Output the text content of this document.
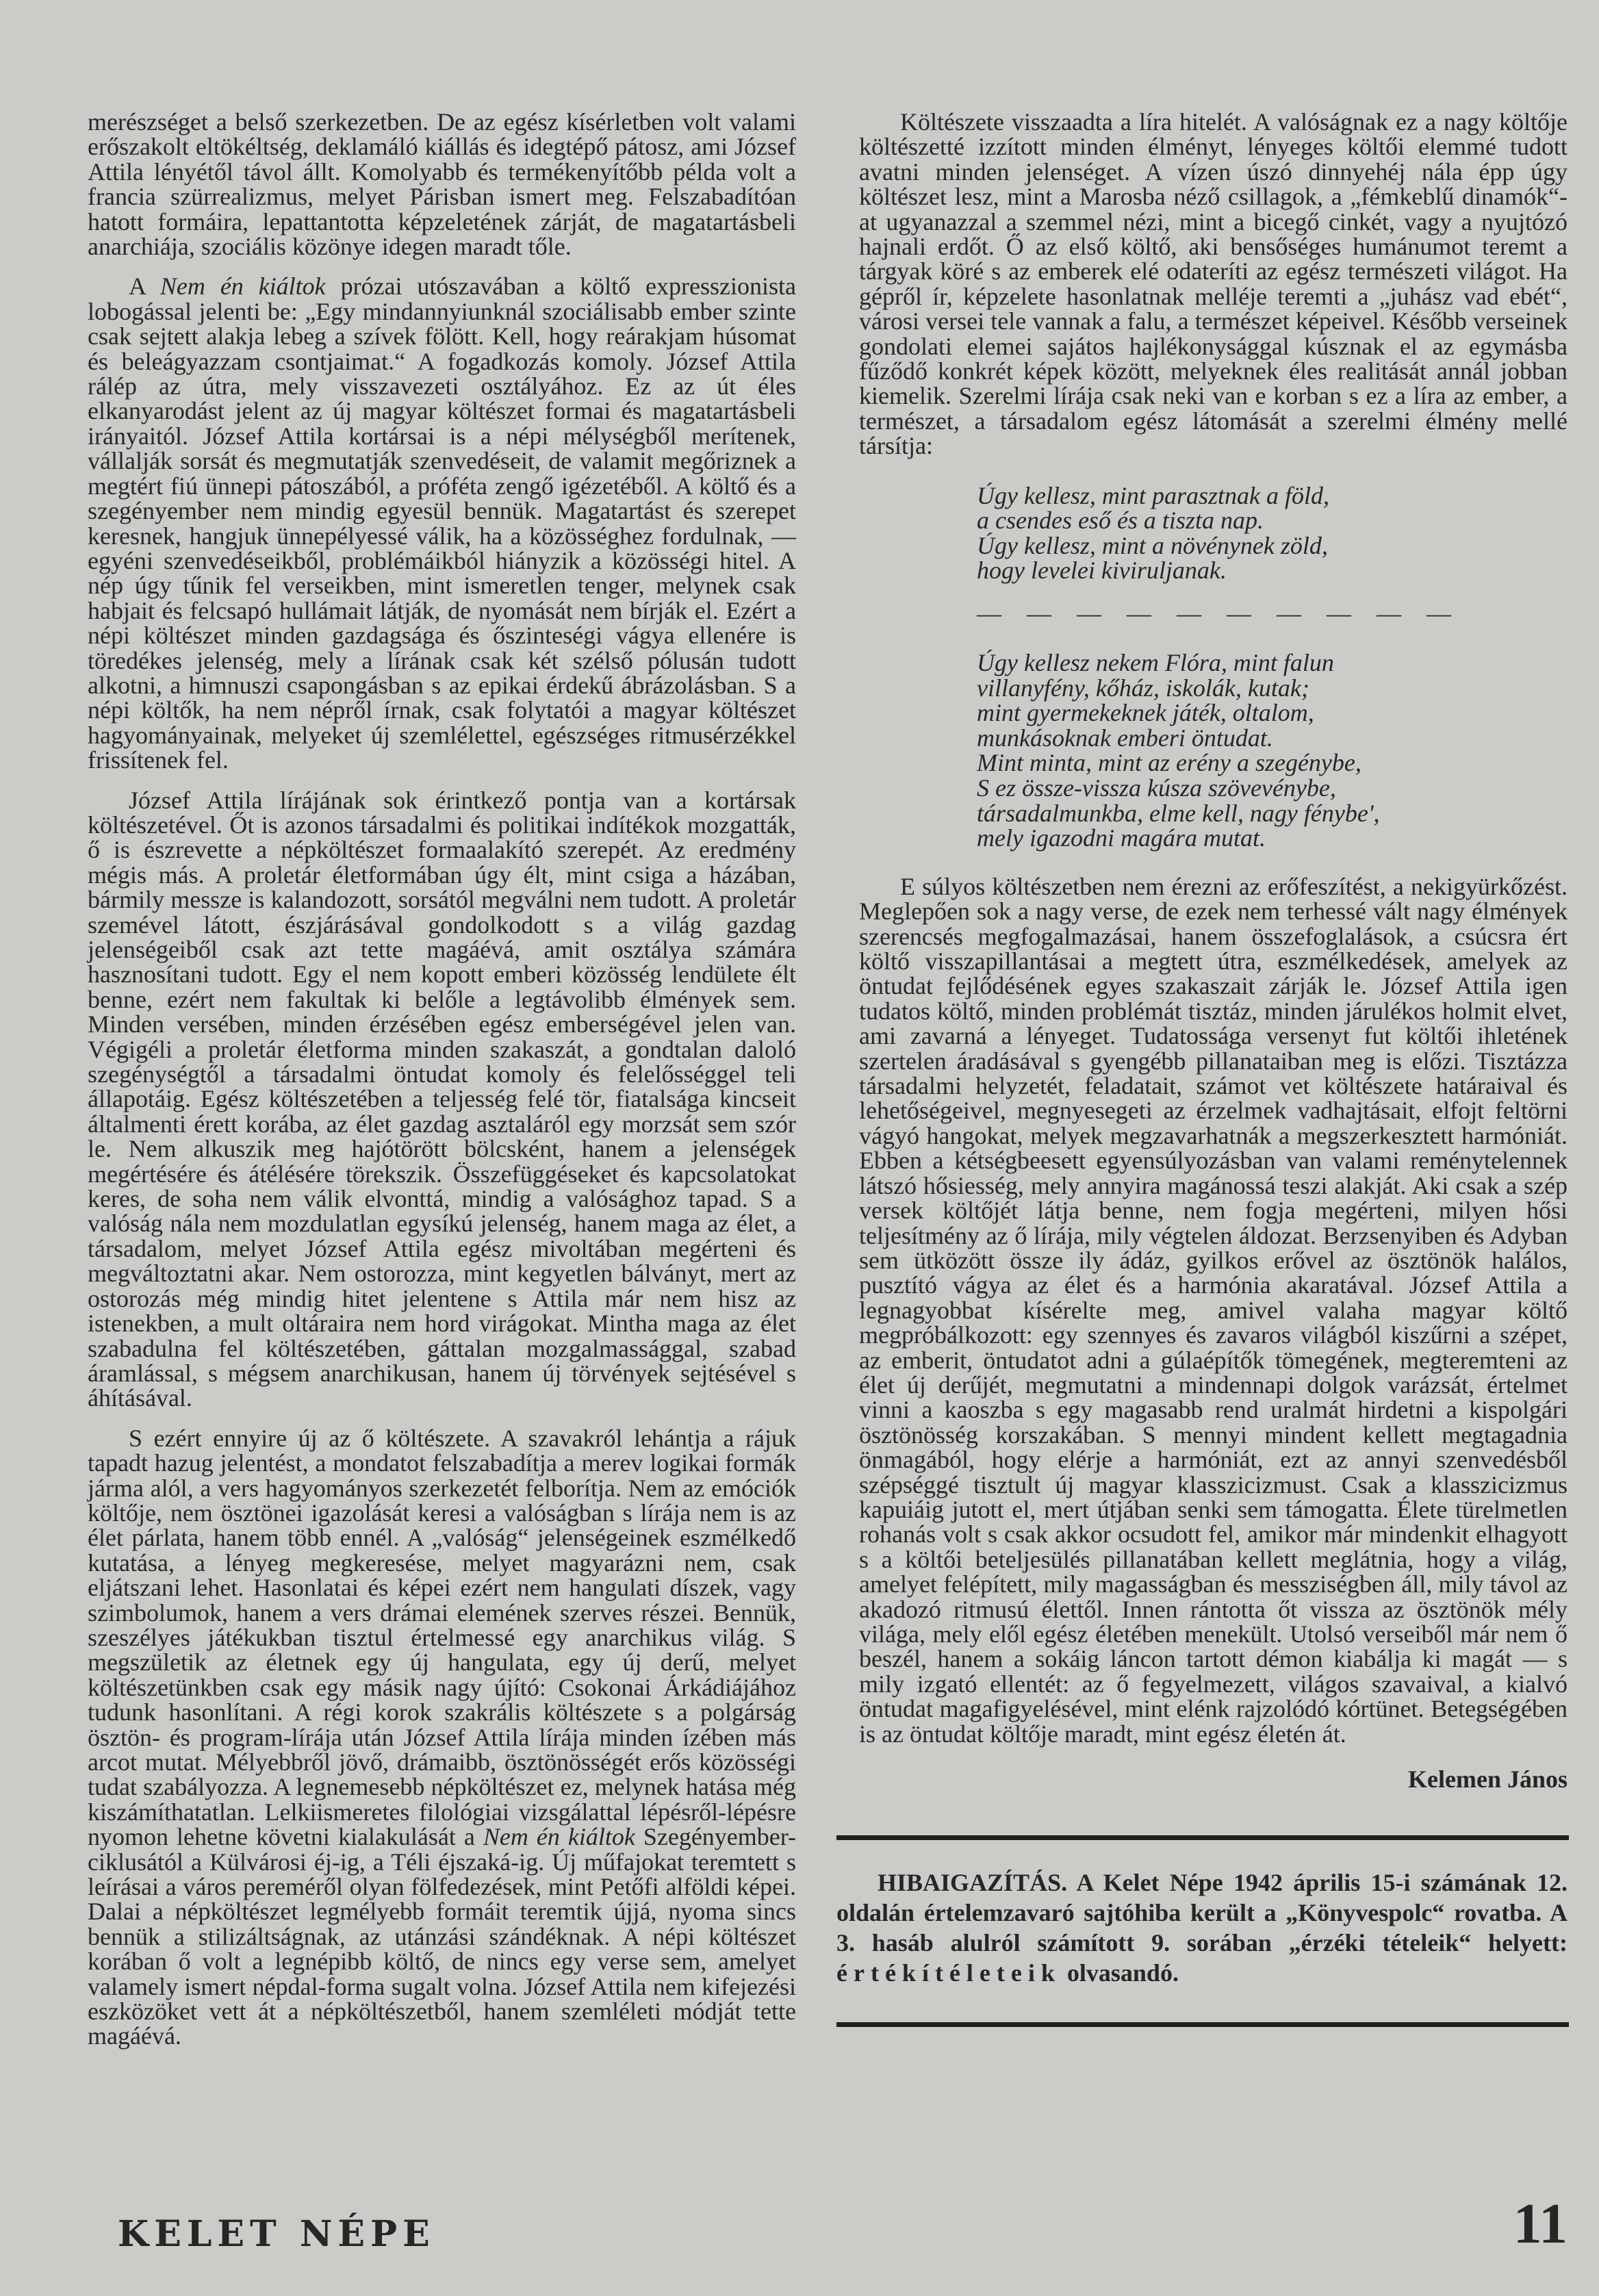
merészséget a belső szerkezetben. De az egész kísérletben volt valami erőszakolt eltökéltség, deklamáló kiállás és idegtépő pátosz, ami József Attila lényétől távol állt. Komolyabb és termékenyítőbb példa volt a francia szürrealizmus, melyet Párisban ismert meg. Felszabadítóan hatott formáira, lepattantotta képzeletének zárját, de magatartásbeli anarchiája, szociális közönye idegen maradt tőle.

A Nem én kiáltok prózai utószavában a költő expresszionista lobogással jelenti be: „Egy mindannyiunknál szociálisabb ember szinte csak sejtett alakja lebeg a szívek fölött. Kell, hogy reárakjam húsomat és beleágyazzam csontjaimat.“ A fogadkozás komoly. József Attila rálép az útra, mely visszavezeti osztályához. Ez az út éles elkanyarodást jelent az új magyar költészet formai és magatartásbeli irányaitól. József Attila kortársai is a népi mélységből merítenek, vállalják sorsát és megmutatják szenvedéseit, de valamit megőriznek a megtért fiú ünnepi pátoszából, a próféta zengő igézetéből. A költő és a szegényember nem mindig egyesül bennük. Magatartást és szerepet keresnek, hangjuk ünnepélyessé válik, ha a közösséghez fordulnak, — egyéni szenvedéseikből, problémáikból hiányzik a közösségi hitel. A nép úgy tűnik fel verseikben, mint ismeretlen tenger, melynek csak habjait és felcsapó hullámait látják, de nyomását nem bírják el. Ezért a népi költészet minden gazdagsága és őszinteségi vágya ellenére is töredékes jelenség, mely a lírának csak két szélső pólusán tudott alkotni, a himnuszi csapongásban s az epikai érdekű ábrázolásban. S a népi költők, ha nem népről írnak, csak folytatói a magyar költészet hagyományainak, melyeket új szemlélettel, egészséges ritmusérzékkel frissítenek fel.

József Attila lírájának sok érintkező pontja van a kortársak költészetével. Őt is azonos társadalmi és politikai indítékok mozgatták, ő is észrevette a népköltészet formaalakító szerepét. Az eredmény mégis más. A proletár életformában úgy élt, mint csiga a házában, bármily messze is kalandozott, sorsától megválni nem tudott. A proletár szemével látott, észjárásával gondolkodott s a világ gazdag jelenségeiből csak azt tette magáévá, amit osztálya számára hasznosítani tudott. Egy el nem kopott emberi közösség lendülete élt benne, ezért nem fakultak ki belőle a legtávolibb élmények sem. Minden versében, minden érzésében egész emberségével jelen van. Végigéli a proletár életforma minden szakaszát, a gondtalan daloló szegénységtől a társadalmi öntudat komoly és felelősséggel teli állapotáig. Egész költészetében a teljesség felé tör, fiatalsága kincseit általmenti érett korába, az élet gazdag asztaláról egy morzsát sem szór le. Nem alkuszik meg hajótörött bölcsként, hanem a jelenségek megértésére és átélésére törekszik. Összefüggéseket és kapcsolatokat keres, de soha nem válik elvonttá, mindig a valósághoz tapad. S a valóság nála nem mozdulatlan egysíkú jelenség, hanem maga az élet, a társadalom, melyet József Attila egész mivoltában megérteni és megváltoztatni akar. Nem ostorozza, mint kegyetlen bálványt, mert az ostorozás még mindig hitet jelentene s Attila már nem hisz az istenekben, a mult oltáraira nem hord virágokat. Mintha maga az élet szabadulna fel költészetében, gáttalan mozgalmassággal, szabad áramlással, s mégsem anarchikusan, hanem új törvények sejtésével s áhításával.

S ezért ennyire új az ő költészete. A szavakról lehántja a rájuk tapadt hazug jelentést, a mondatot felszabadítja a merev logikai formák járma alól, a vers hagyományos szerkezetét felborítja. Nem az emóciók költője, nem ösztönei igazolását keresi a valóságban s lírája nem is az élet párlata, hanem több ennél. A „valóság“ jelenségeinek eszmélkedő kutatása, a lényeg megkeresése, melyet magyarázni nem, csak eljátszani lehet. Hasonlatai és képei ezért nem hangulati díszek, vagy szimbolumok, hanem a vers drámai elemének szerves részei. Bennük, szeszélyes játékukban tisztul értelmessé egy anarchikus világ. S megszületik az életnek egy új hangulata, egy új derű, melyet költészetünkben csak egy másik nagy újító: Csokonai Árkádiájához tudunk hasonlítani. A régi korok szakrális költészete s a polgárság ösztön- és program-lírája után József Attila lírája minden ízében más arcot mutat. Mélyebbről jövő, drámaibb, ösztönösségét erős közösségi tudat szabályozza. A legnemesebb népköltészet ez, melynek hatása még kiszámíthatatlan. Lelkiismeretes filológiai vizsgálattal lépésről-lépésre nyomon lehetne követni kialakulását a Nem én kiáltok Szegényember-ciklusától a Külvárosi éj-ig, a Téli éjszaká-ig. Új műfajokat teremtett s leírásai a város pereméről olyan fölfedezések, mint Petőfi alföldi képei. Dalai a népköltészet legmélyebb formáit teremtik újjá, nyoma sincs bennük a stilizáltságnak, az utánzási szándéknak. A népi költészet korában ő volt a legnépibb költő, de nincs egy verse sem, amelyet valamely ismert népdal-forma sugalt volna. József Attila nem kifejezési eszközöket vett át a népköltészetből, hanem szemléleti módját tette magáévá.

Költészete visszaadta a líra hitelét. A valóságnak ez a nagy költője költészetté izzított minden élményt, lényeges költői elemmé tudott avatni minden jelenséget. A vízen úszó dinnyehéj nála épp úgy költészet lesz, mint a Marosba néző csillagok, a „fémkeblű dinamók“-at ugyanazzal a szemmel nézi, mint a bicegő cinkét, vagy a nyujtózó hajnali erdőt. Ő az első költő, aki bensőséges humánumot teremt a tárgyak köré s az emberek elé odateríti az egész természeti világot. Ha gépről ír, képzelete hasonlatnak melléje teremti a „juhász vad ebét“, városi versei tele vannak a falu, a természet képeivel. Később verseinek gondolati elemei sajátos hajlékonysággal kúsznak el az egymásba fűződő konkrét képek között, melyeknek éles realitását annál jobban kiemelik. Szerelmi lírája csak neki van e korban s ez a líra az ember, a természet, a társadalom egész látomását a szerelmi élmény mellé társítja:

Úgy kellesz, mint parasztnak a föld,
a csendes eső és a tiszta nap.
Úgy kellesz, mint a növénynek zöld,
hogy levelei kiviruljanak.
— — — — — — — — — —
Úgy kellesz nekem Flóra, mint falun
villanyfény, kőház, iskolák, kutak;
mint gyermekeknek játék, oltalom,
munkásoknak emberi öntudat.
Mint minta, mint az erény a szegénybe,
S ez össze-vissza kúsza szövevénybe,
társadalmunkba, elme kell, nagy fénybe',
mely igazodni magára mutat.

E súlyos költészetben nem érezni az erőfeszítést, a nekigyürkőzést. Meglepően sok a nagy verse, de ezek nem terhessé vált nagy élmények szerencsés megfogalmazásai, hanem összefoglalások, a csúcsra ért költő visszapillantásai a megtett útra, eszmélkedések, amelyek az öntudat fejlődésének egyes szakaszait zárják le. József Attila igen tudatos költő, minden problémát tisztáz, minden járulékos holmit elvet, ami zavarná a lényeget. Tudatossága versenyt fut költői ihletének szertelen áradásával s gyengébb pillanataiban meg is előzi. Tisztázza társadalmi helyzetét, feladatait, számot vet költészete határaival és lehetőségeivel, megnyesegeti az érzelmek vadhajtásait, elfojt feltörni vágyó hangokat, melyek megzavarhatnák a megszerkesztett harmóniát. Ebben a kétségbeesett egyensúlyozásban van valami reménytelennek látszó hősiesség, mely annyira magánossá teszi alakját. Aki csak a szép versek költőjét látja benne, nem fogja megérteni, milyen hősi teljesítmény az ő lírája, mily végtelen áldozat. Berzsenyiben és Adyban sem ütközött össze ily ádáz, gyilkos erővel az ösztönök halálos, pusztító vágya az élet és a harmónia akaratával. József Attila a legnagyobbat kísérelte meg, amivel valaha magyar költő megpróbálkozott: egy szennyes és zavaros világból kiszűrni a szépet, az emberit, öntudatot adni a gúlaépítők tömegének, megteremteni az élet új derűjét, megmutatni a mindennapi dolgok varázsát, értelmet vinni a kaoszba s egy magasabb rend uralmát hirdetni a kispolgári ösztönösség korszakában. S mennyi mindent kellett megtagadnia önmagából, hogy elérje a harmóniát, ezt az annyi szenvedésből szépséggé tisztult új magyar klasszicizmust. Csak a klasszicizmus kapuiáig jutott el, mert útjában senki sem támogatta. Élete türelmetlen rohanás volt s csak akkor ocsudott fel, amikor már mindenkit elhagyott s a költői beteljesülés pillanatában kellett meglátnia, hogy a világ, amelyet felépített, mily magasságban és messziségben áll, mily távol az akadozó ritmusú élettől. Innen rántotta őt vissza az ösztönök mély világa, mely elől egész életében menekült. Utolsó verseiből már nem ő beszél, hanem a sokáig láncon tartott démon kiabálja ki magát — s mily izgató ellentét: az ő fegyelmezett, világos szavaival, a kialvó öntudat magafigyelésével, mint elénk rajzolódó kórtünet. Betegségében is az öntudat költője maradt, mint egész életén át.

Kelemen János

HIBAIGAZÍTÁS. A Kelet Népe 1942 április 15-i számának 12. oldalán értelemzavaró sajtóhiba került a „Könyvespolc“ rovatba. A 3. hasáb alulról számított 9. sorában „érzéki tételeik“ helyett: értékítéleteik olvasandó.

KELET NÉPE	11
